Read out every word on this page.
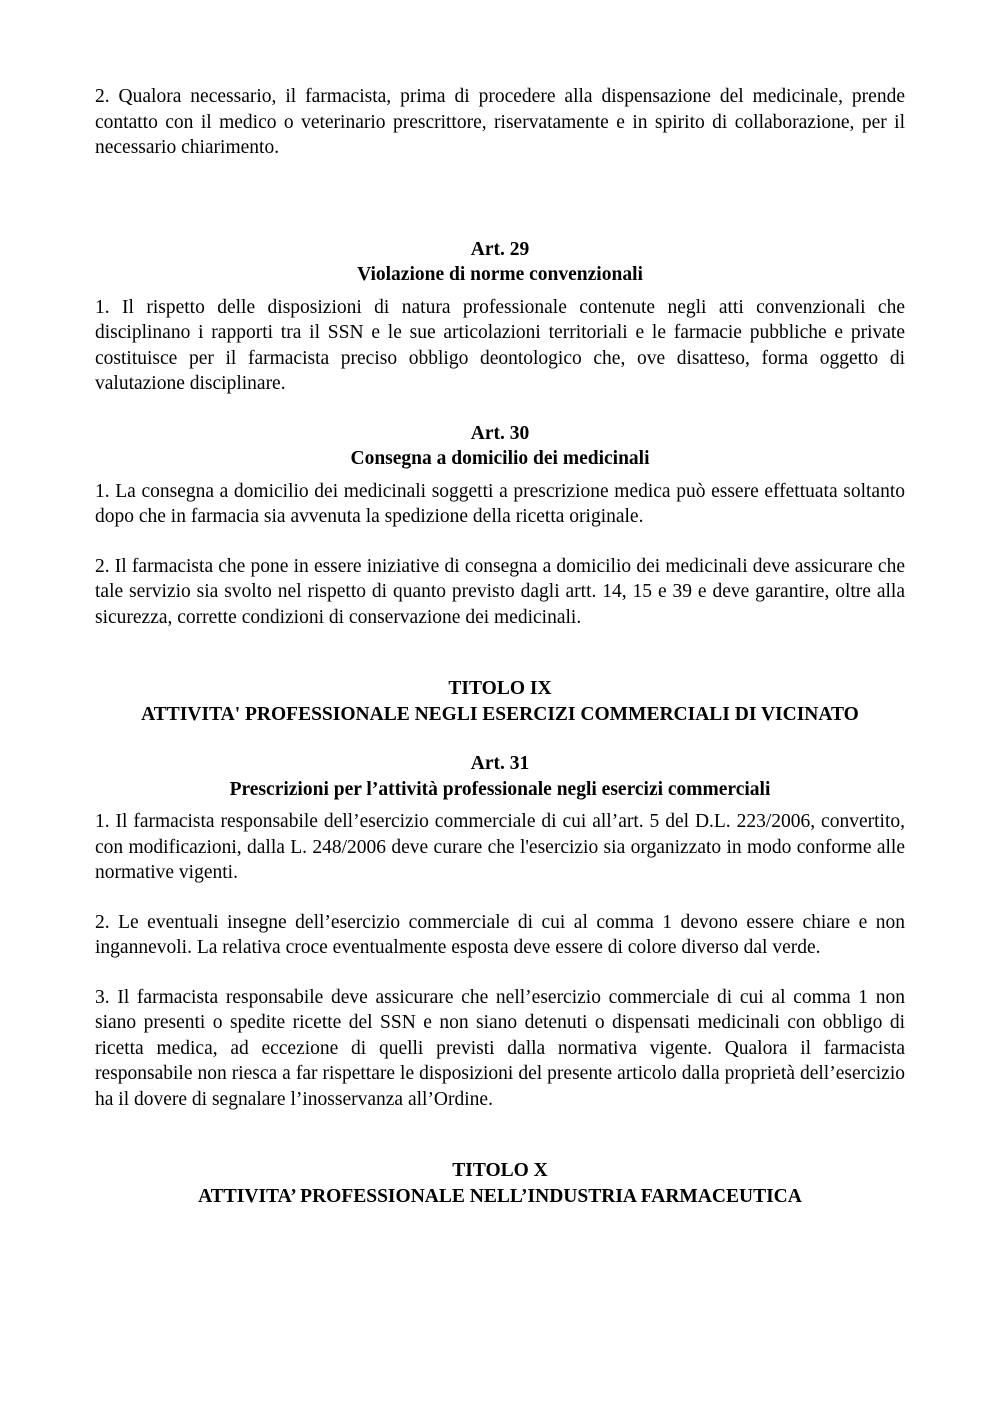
2. Qualora necessario, il farmacista, prima di procedere alla dispensazione del medicinale, prende contatto con il medico o veterinario prescrittore, riservatamente e in spirito di collaborazione, per il necessario chiarimento.

Art. 29

Violazione di norme convenzionali

1. Il rispetto delle disposizioni di natura professionale contenute negli atti convenzionali che disciplinano i rapporti tra il SSN e le sue articolazioni territoriali e le farmacie pubbliche e private costituisce per il farmacista preciso obbligo deontologico che, ove disatteso, forma oggetto di valutazione disciplinare.

Art. 30

Consegna a domicilio dei medicinali

1. La consegna a domicilio dei medicinali soggetti a prescrizione medica può essere effettuata soltanto dopo che in farmacia sia avvenuta la spedizione della ricetta originale.

2. Il farmacista che pone in essere iniziative di consegna a domicilio dei medicinali deve assicurare che tale servizio sia svolto nel rispetto di quanto previsto dagli artt. 14, 15 e 39 e deve garantire, oltre alla sicurezza, corrette condizioni di conservazione dei medicinali.

TITOLO IX

ATTIVITA' PROFESSIONALE NEGLI ESERCIZI COMMERCIALI DI VICINATO

Art. 31

Prescrizioni per l’attività professionale negli esercizi commerciali

1. Il farmacista responsabile dell’esercizio commerciale di cui all’art. 5 del D.L. 223/2006, convertito, con modificazioni, dalla L. 248/2006 deve curare che l'esercizio sia organizzato in modo conforme alle normative vigenti.

2. Le eventuali insegne dell’esercizio commerciale di cui al comma 1 devono essere chiare e non ingannevoli. La relativa croce eventualmente esposta deve essere di colore diverso dal verde.

3. Il farmacista responsabile deve assicurare che nell’esercizio commerciale di cui al comma 1 non siano presenti o spedite ricette del SSN e non siano detenuti o dispensati medicinali con obbligo di ricetta medica, ad eccezione di quelli previsti dalla normativa vigente. Qualora il farmacista responsabile non riesca a far rispettare le disposizioni del presente articolo dalla proprietà dell’esercizio ha il dovere di segnalare l’inosservanza all’Ordine.

TITOLO X

ATTIVITA’ PROFESSIONALE NELL’INDUSTRIA FARMACEUTICA
